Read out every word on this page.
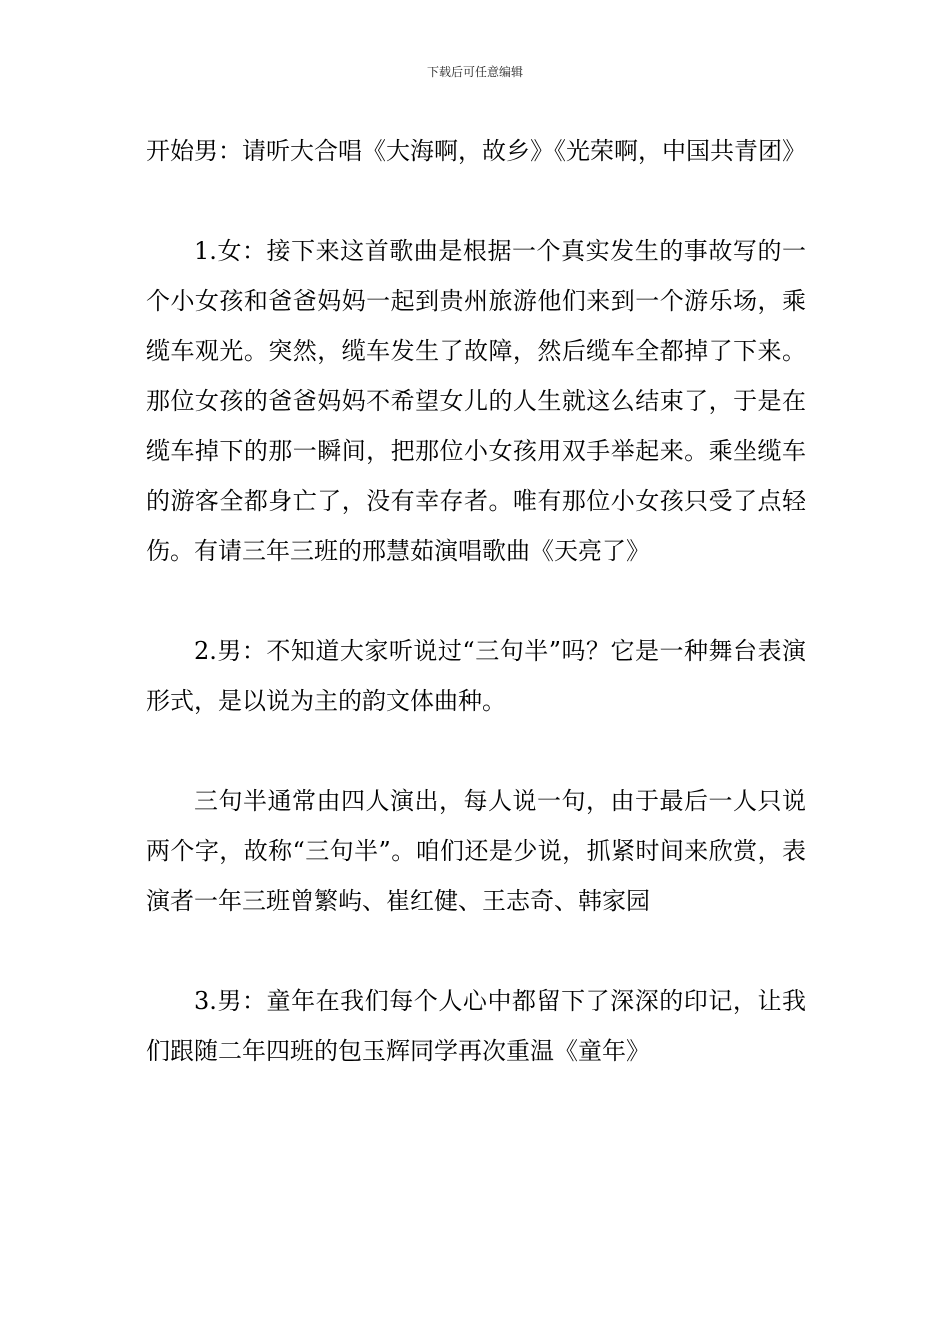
下载后可任意编辑

开始男：请听大合唱《大海啊，故乡》《光荣啊，中国共青团》

1.女：接下来这首歌曲是根据一个真实发生的事故写的一个小女孩和爸爸妈妈一起到贵州旅游他们来到一个游乐场，乘缆车观光。突然，缆车发生了故障，然后缆车全都掉了下来。那位女孩的爸爸妈妈不希望女儿的人生就这么结束了，于是在缆车掉下的那一瞬间，把那位小女孩用双手举起来。乘坐缆车的游客全都身亡了，没有幸存者。唯有那位小女孩只受了点轻伤。有请三年三班的邢慧茹演唱歌曲《天亮了》

2.男：不知道大家听说过“三句半”吗？它是一种舞台表演形式，是以说为主的韵文体曲种。

三句半通常由四人演出，每人说一句，由于最后一人只说两个字，故称“三句半”。咱们还是少说，抓紧时间来欣赏，表演者一年三班曾繁屿、崔红健、王志奇、韩家园

3.男：童年在我们每个人心中都留下了深深的印记，让我们跟随二年四班的包玉辉同学再次重温《童年》
